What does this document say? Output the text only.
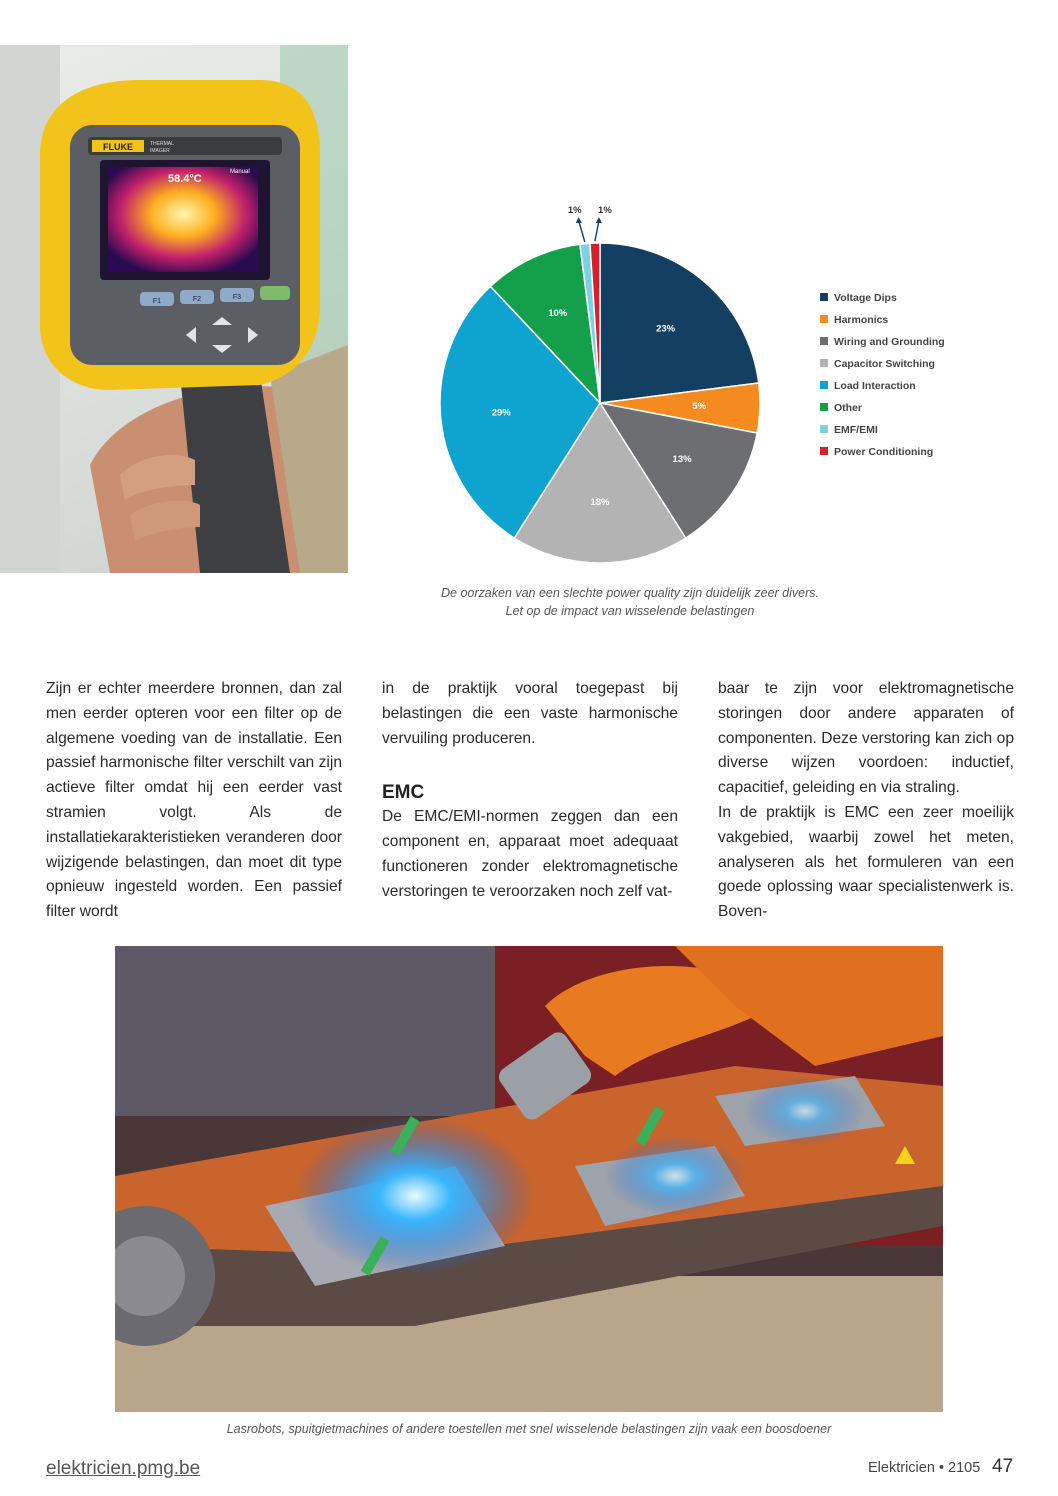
FLUKE	THERMAL
IMAGER
58.4°C
Manual
F1	F2	F3
23%
5%
13%
18%
29%
10%
1% 1%
Voltage Dips
Harmonics
Wiring and Grounding
Capacitor Switching
Load Interaction
Other
EMF/EMI
Power Conditioning
De oorzaken van een slechte power quality zijn duidelijk zeer divers.
Let op de impact van wisselende belastingen

Zijn er echter meerdere bronnen, dan zal men eerder opteren voor een filter op de algemene voeding van de installatie. Een passief harmonische filter verschilt van zijn actieve filter omdat hij een eerder vast stramien volgt. Als de installatiekarakteristieken veranderen door wijzigende belastingen, dan moet dit type opnieuw ingesteld worden. Een passief filter wordt

in de praktijk vooral toegepast bij belastingen die een vaste harmonische vervuiling produceren.

EMC

De EMC/EMI-normen zeggen dan een component en, apparaat moet adequaat functioneren zonder elektromagnetische verstoringen te veroorzaken noch zelf vat-

baar te zijn voor elektromagnetische storingen door andere apparaten of componenten. Deze verstoring kan zich op diverse wijzen voordoen: inductief, capacitief, geleiding en via straling.

In de praktijk is EMC een zeer moeilijk vakgebied, waarbij zowel het meten, analyseren als het formuleren van een goede oplossing waar specialistenwerk is. Boven-

Lasrobots, spuitgietmachines of andere toestellen met snel wisselende belastingen zijn vaak een boosdoener
elektricien.pmg.be	Elektricien • 2105 47
